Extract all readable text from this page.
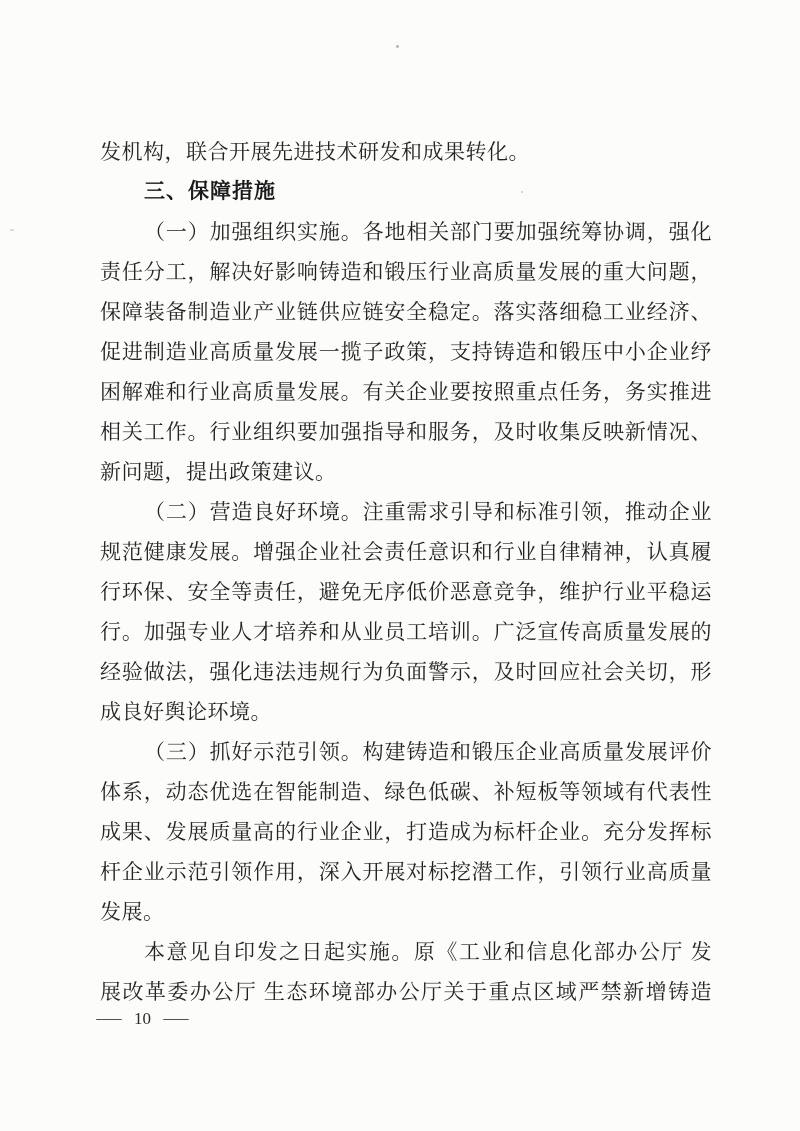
发机构，联合开展先进技术研发和成果转化。
三、保障措施
（一）加强组织实施。各地相关部门要加强统筹协调，强化
责任分工，解决好影响铸造和锻压行业高质量发展的重大问题，
保障装备制造业产业链供应链安全稳定。落实落细稳工业经济、
促进制造业高质量发展一揽子政策，支持铸造和锻压中小企业纾
困解难和行业高质量发展。有关企业要按照重点任务，务实推进
相关工作。行业组织要加强指导和服务，及时收集反映新情况、
新问题，提出政策建议。
（二）营造良好环境。注重需求引导和标准引领，推动企业
规范健康发展。增强企业社会责任意识和行业自律精神，认真履
行环保、安全等责任，避免无序低价恶意竞争，维护行业平稳运
行。加强专业人才培养和从业员工培训。广泛宣传高质量发展的
经验做法，强化违法违规行为负面警示，及时回应社会关切，形
成良好舆论环境。
（三）抓好示范引领。构建铸造和锻压企业高质量发展评价
体系，动态优选在智能制造、绿色低碳、补短板等领域有代表性
成果、发展质量高的行业企业，打造成为标杆企业。充分发挥标
杆企业示范引领作用，深入开展对标挖潜工作，引领行业高质量
发展。
本意见自印发之日起实施。原《工业和信息化部办公厅 发
展改革委办公厅 生态环境部办公厅关于重点区域严禁新增铸造
— 10 —
